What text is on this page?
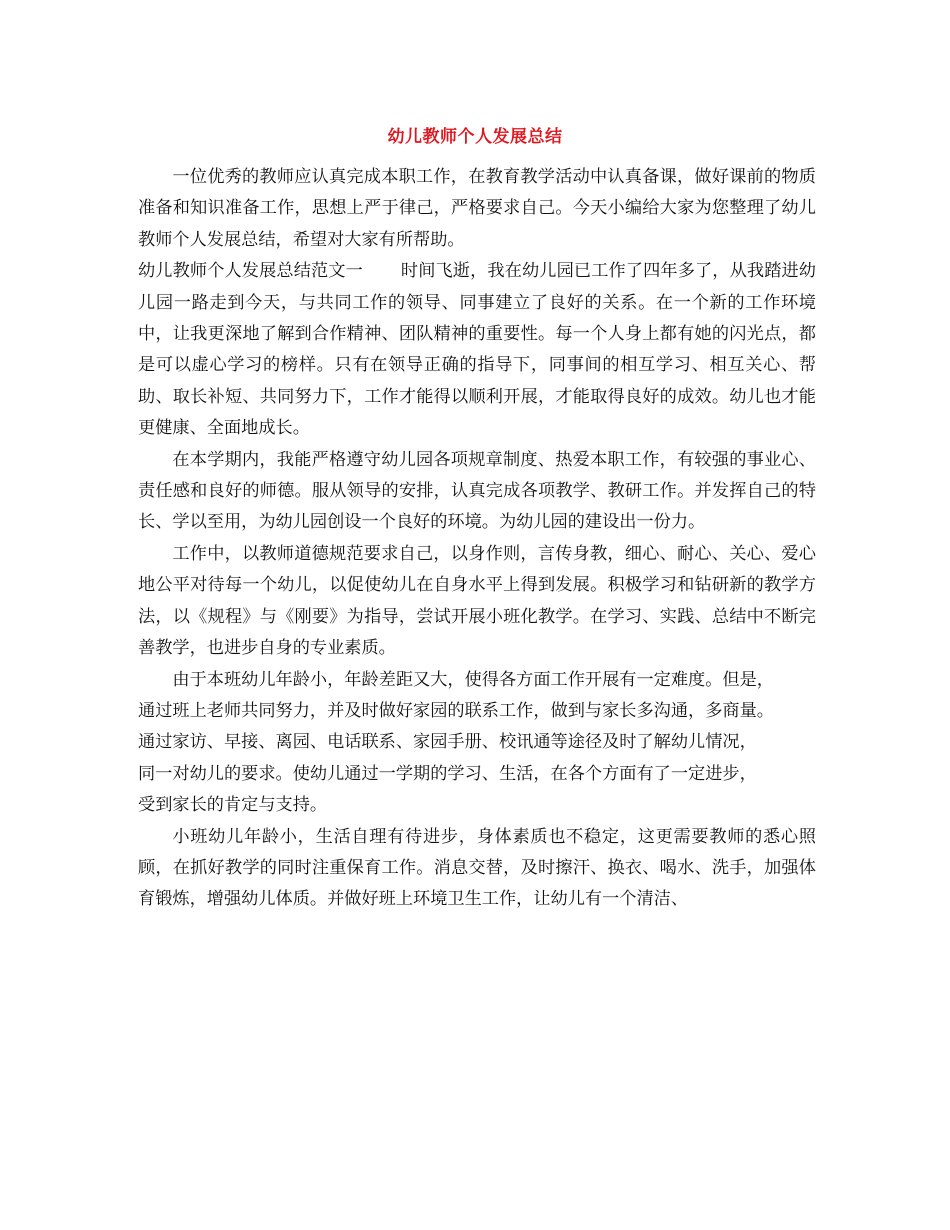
幼儿教师个人发展总结

一位优秀的教师应认真完成本职工作，在教育教学活动中认真备课，做好课前的物质准备和知识准备工作，思想上严于律己，严格要求自己。今天小编给大家为您整理了幼儿教师个人发展总结，希望对大家有所帮助。

幼儿教师个人发展总结范文一 时间飞逝，我在幼儿园已工作了四年多了，从我踏进幼儿园一路走到今天，与共同工作的领导、同事建立了良好的关系。在一个新的工作环境中，让我更深地了解到合作精神、团队精神的重要性。每一个人身上都有她的闪光点，都是可以虚心学习的榜样。只有在领导正确的指导下，同事间的相互学习、相互关心、帮助、取长补短、共同努力下，工作才能得以顺利开展，才能取得良好的成效。幼儿也才能更健康、全面地成长。

在本学期内，我能严格遵守幼儿园各项规章制度、热爱本职工作，有较强的事业心、责任感和良好的师德。服从领导的安排，认真完成各项教学、教研工作。并发挥自己的特长、学以至用，为幼儿园创设一个良好的环境。为幼儿园的建设出一份力。

工作中，以教师道德规范要求自己，以身作则，言传身教，细心、耐心、关心、爱心地公平对待每一个幼儿，以促使幼儿在自身水平上得到发展。积极学习和钻研新的教学方法，以《规程》与《刚要》为指导，尝试开展小班化教学。在学习、实践、总结中不断完善教学，也进步自身的专业素质。

由于本班幼儿年龄小，年龄差距又大，使得各方面工作开展有一定难度。但是，
通过班上老师共同努力，并及时做好家园的联系工作，做到与家长多沟通，多商量。
通过家访、早接、离园、电话联系、家园手册、校讯通等途径及时了解幼儿情况，
同一对幼儿的要求。使幼儿通过一学期的学习、生活，在各个方面有了一定进步，
受到家长的肯定与支持。

小班幼儿年龄小，生活自理有待进步，身体素质也不稳定，这更需要教师的悉心照顾，在抓好教学的同时注重保育工作。消息交替，及时擦汗、换衣、喝水、洗手，加强体育锻炼，增强幼儿体质。并做好班上环境卫生工作，让幼儿有一个清洁、
